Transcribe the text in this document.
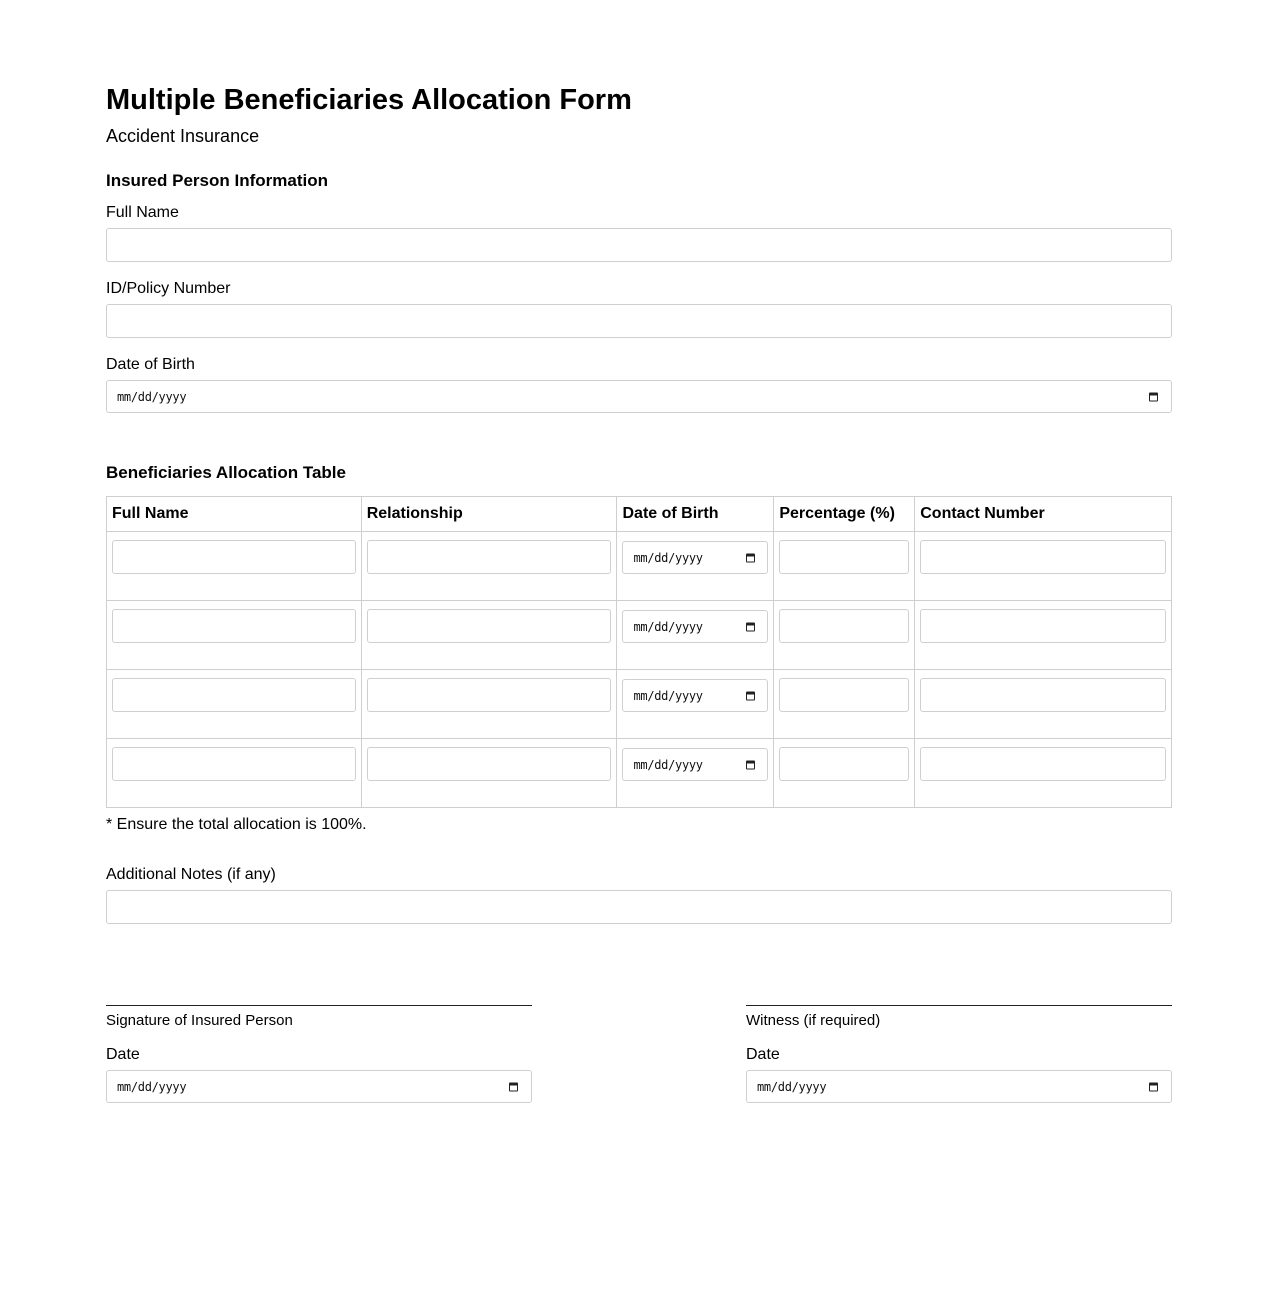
Multiple Beneficiaries Allocation Form
Accident Insurance
Insured Person Information
Full Name
ID/Policy Number
Date of Birth
mm/dd/yyyy
Beneficiaries Allocation Table
Full Name	Relationship	Date of Birth	Percentage (%)	Contact Number

		mm/dd/yyyy		

		mm/dd/yyyy		

		mm/dd/yyyy		

		mm/dd/yyyy		

* Ensure the total allocation is 100%.
Additional Notes (if any)
Signature of Insured Person
Date
mm/dd/yyyy
Witness (if required)
Date
mm/dd/yyyy
